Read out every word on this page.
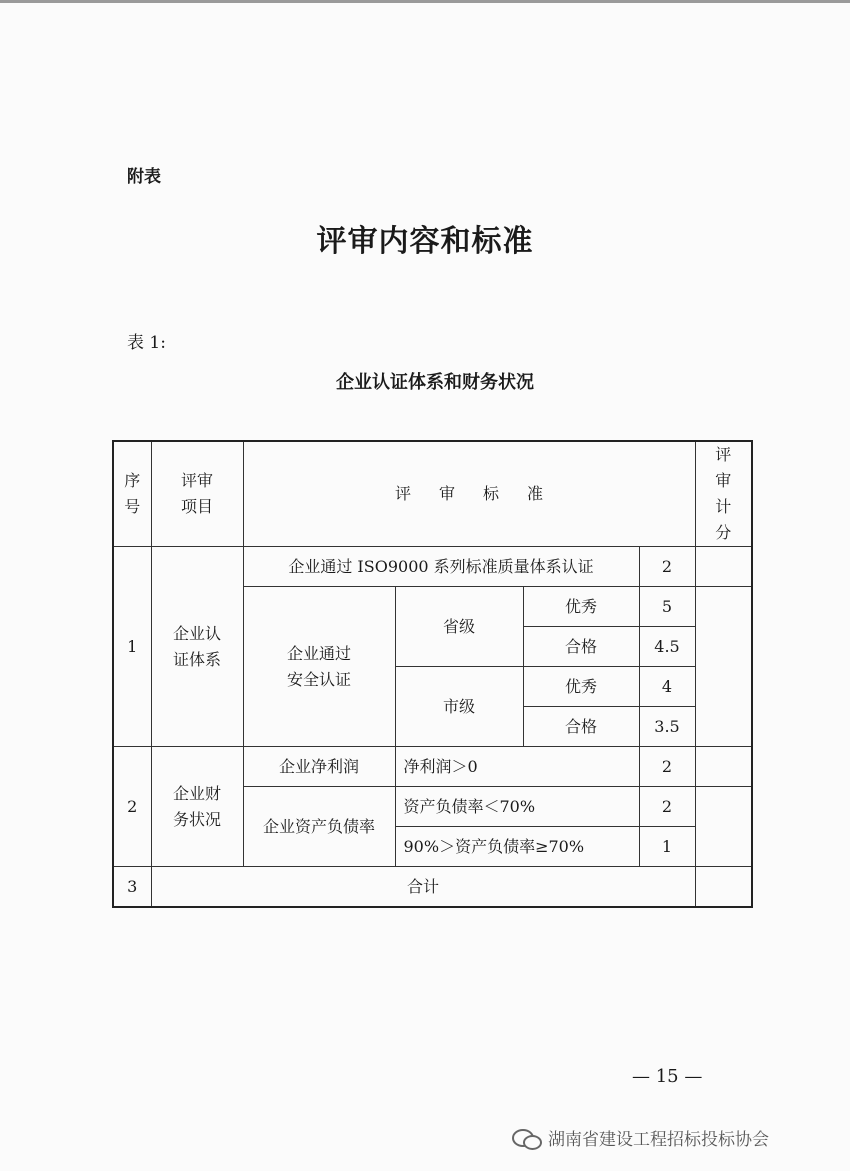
附表
评审内容和标准
表 1:
企业认证体系和财务状况
序号	评审项目	评审标准				评审计分
1	企业认证体系	企业通过 ISO9000 系列标准质量体系认证			2	
		企业通过安全认证	省级	优秀	5	
				合格	4.5	
			市级	优秀	4	
				合格	3.5	
2	企业财务状况	企业净利润	净利润＞0		2	
		企业资产负债率	资产负债率＜70%		2	
			90%＞资产负债率≥70%		1	
3	合计					
— 15 —
湖南省建设工程招标投标协会
